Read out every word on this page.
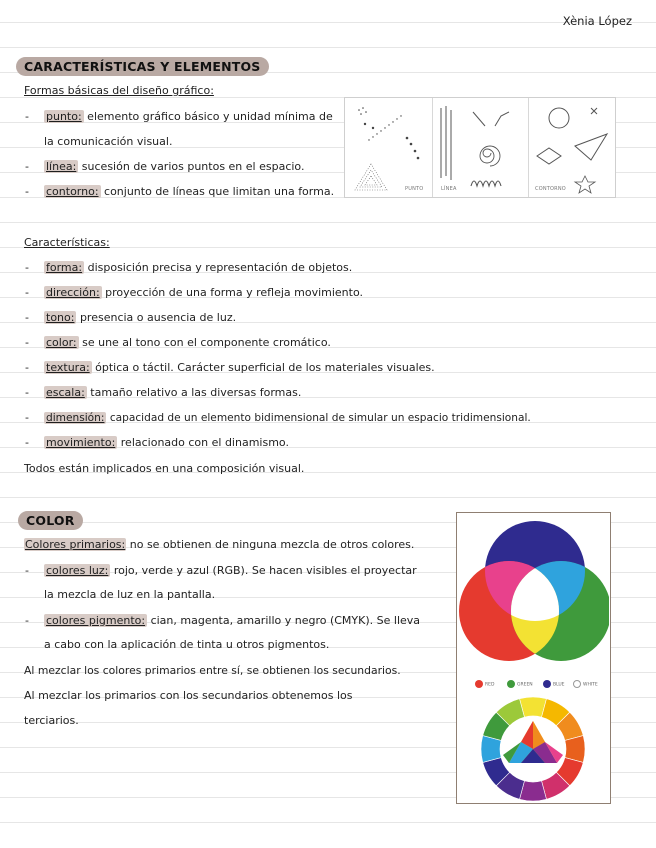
Xènia López
CARACTERÍSTICAS Y ELEMENTOS
Formas básicas del diseño gráfico:
- punto: elemento gráfico básico y unidad mínima de
la comunicación visual.
- línea: sucesión de varios puntos en el espacio.
- contorno: conjunto de líneas que limitan una forma.	PUNTO	LÍNEA	CONTORNO
Características:
- forma: disposición precisa y representación de objetos.
- dirección: proyección de una forma y refleja movimiento.
- tono: presencia o ausencia de luz.
- color: se une al tono con el componente cromático.
- textura: óptica o táctil. Carácter superficial de los materiales visuales.
- escala: tamaño relativo a las diversas formas.
- dimensión: capacidad de un elemento bidimensional de simular un espacio tridimensional.
- movimiento: relacionado con el dinamismo.
Todos están implicados en una composición visual.
COLOR
Colores primarios: no se obtienen de ninguna mezcla de otros colores.
- colores luz: rojo, verde y azul (RGB). Se hacen visibles el proyectar
la mezcla de luz en la pantalla.
- colores pigmento: cian, magenta, amarillo y negro (CMYK). Se lleva
a cabo con la aplicación de tinta u otros pigmentos.
Al mezclar los colores primarios entre sí, se obtienen los secundarios.
Al mezclar los primarios con los secundarios obtenemos los
terciarios.
RED	GREEN	BLUE	WHITE
